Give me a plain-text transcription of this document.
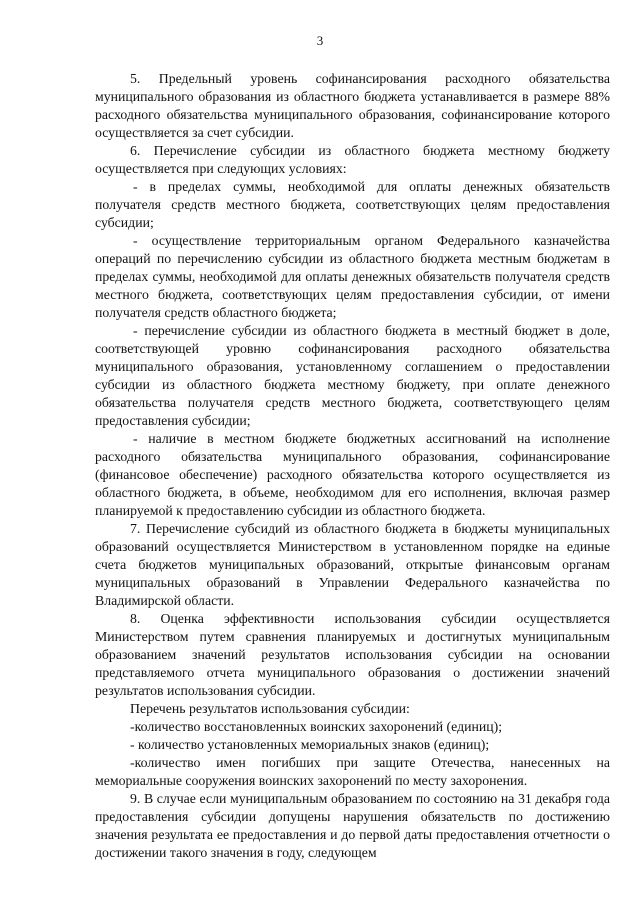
3

5. Предельный уровень софинансирования расходного обязательства муниципального образования из областного бюджета устанавливается в размере 88% расходного обязательства муниципального образования, софинансирование которого осуществляется за счет субсидии.

6. Перечисление субсидии из областного бюджета местному бюджету осуществляется при следующих условиях:

- в пределах суммы, необходимой для оплаты денежных обязательств получателя средств местного бюджета, соответствующих целям предоставления субсидии;

- осуществление территориальным органом Федерального казначейства операций по перечислению субсидии из областного бюджета местным бюджетам в пределах суммы, необходимой для оплаты денежных обязательств получателя средств местного бюджета, соответствующих целям предоставления субсидии, от имени получателя средств областного бюджета;

- перечисление субсидии из областного бюджета в местный бюджет в доле, соответствующей уровню софинансирования расходного обязательства муниципального образования, установленному соглашением о предоставлении субсидии из областного бюджета местному бюджету, при оплате денежного обязательства получателя средств местного бюджета, соответствующего целям предоставления субсидии;

- наличие в местном бюджете бюджетных ассигнований на исполнение расходного обязательства муниципального образования, софинансирование (финансовое обеспечение) расходного обязательства которого осуществляется из областного бюджета, в объеме, необходимом для его исполнения, включая размер планируемой к предоставлению субсидии из областного бюджета.

7. Перечисление субсидий из областного бюджета в бюджеты муниципальных образований осуществляется Министерством в установленном порядке на единые счета бюджетов муниципальных образований, открытые финансовым органам муниципальных образований в Управлении Федерального казначейства по Владимирской области.

8. Оценка эффективности использования субсидии осуществляется Министерством путем сравнения планируемых и достигнутых муниципальным образованием значений результатов использования субсидии на основании представляемого отчета муниципального образования о достижении значений результатов использования субсидии.

Перечень результатов использования субсидии:

-количество восстановленных воинских захоронений (единиц);

- количество установленных мемориальных знаков (единиц);

-количество имен погибших при защите Отечества, нанесенных на мемориальные сооружения воинских захоронений по месту захоронения.

9. В случае если муниципальным образованием по состоянию на 31 декабря года предоставления субсидии допущены нарушения обязательств по достижению значения результата ее предоставления и до первой даты предоставления отчетности о достижении такого значения в году, следующем
